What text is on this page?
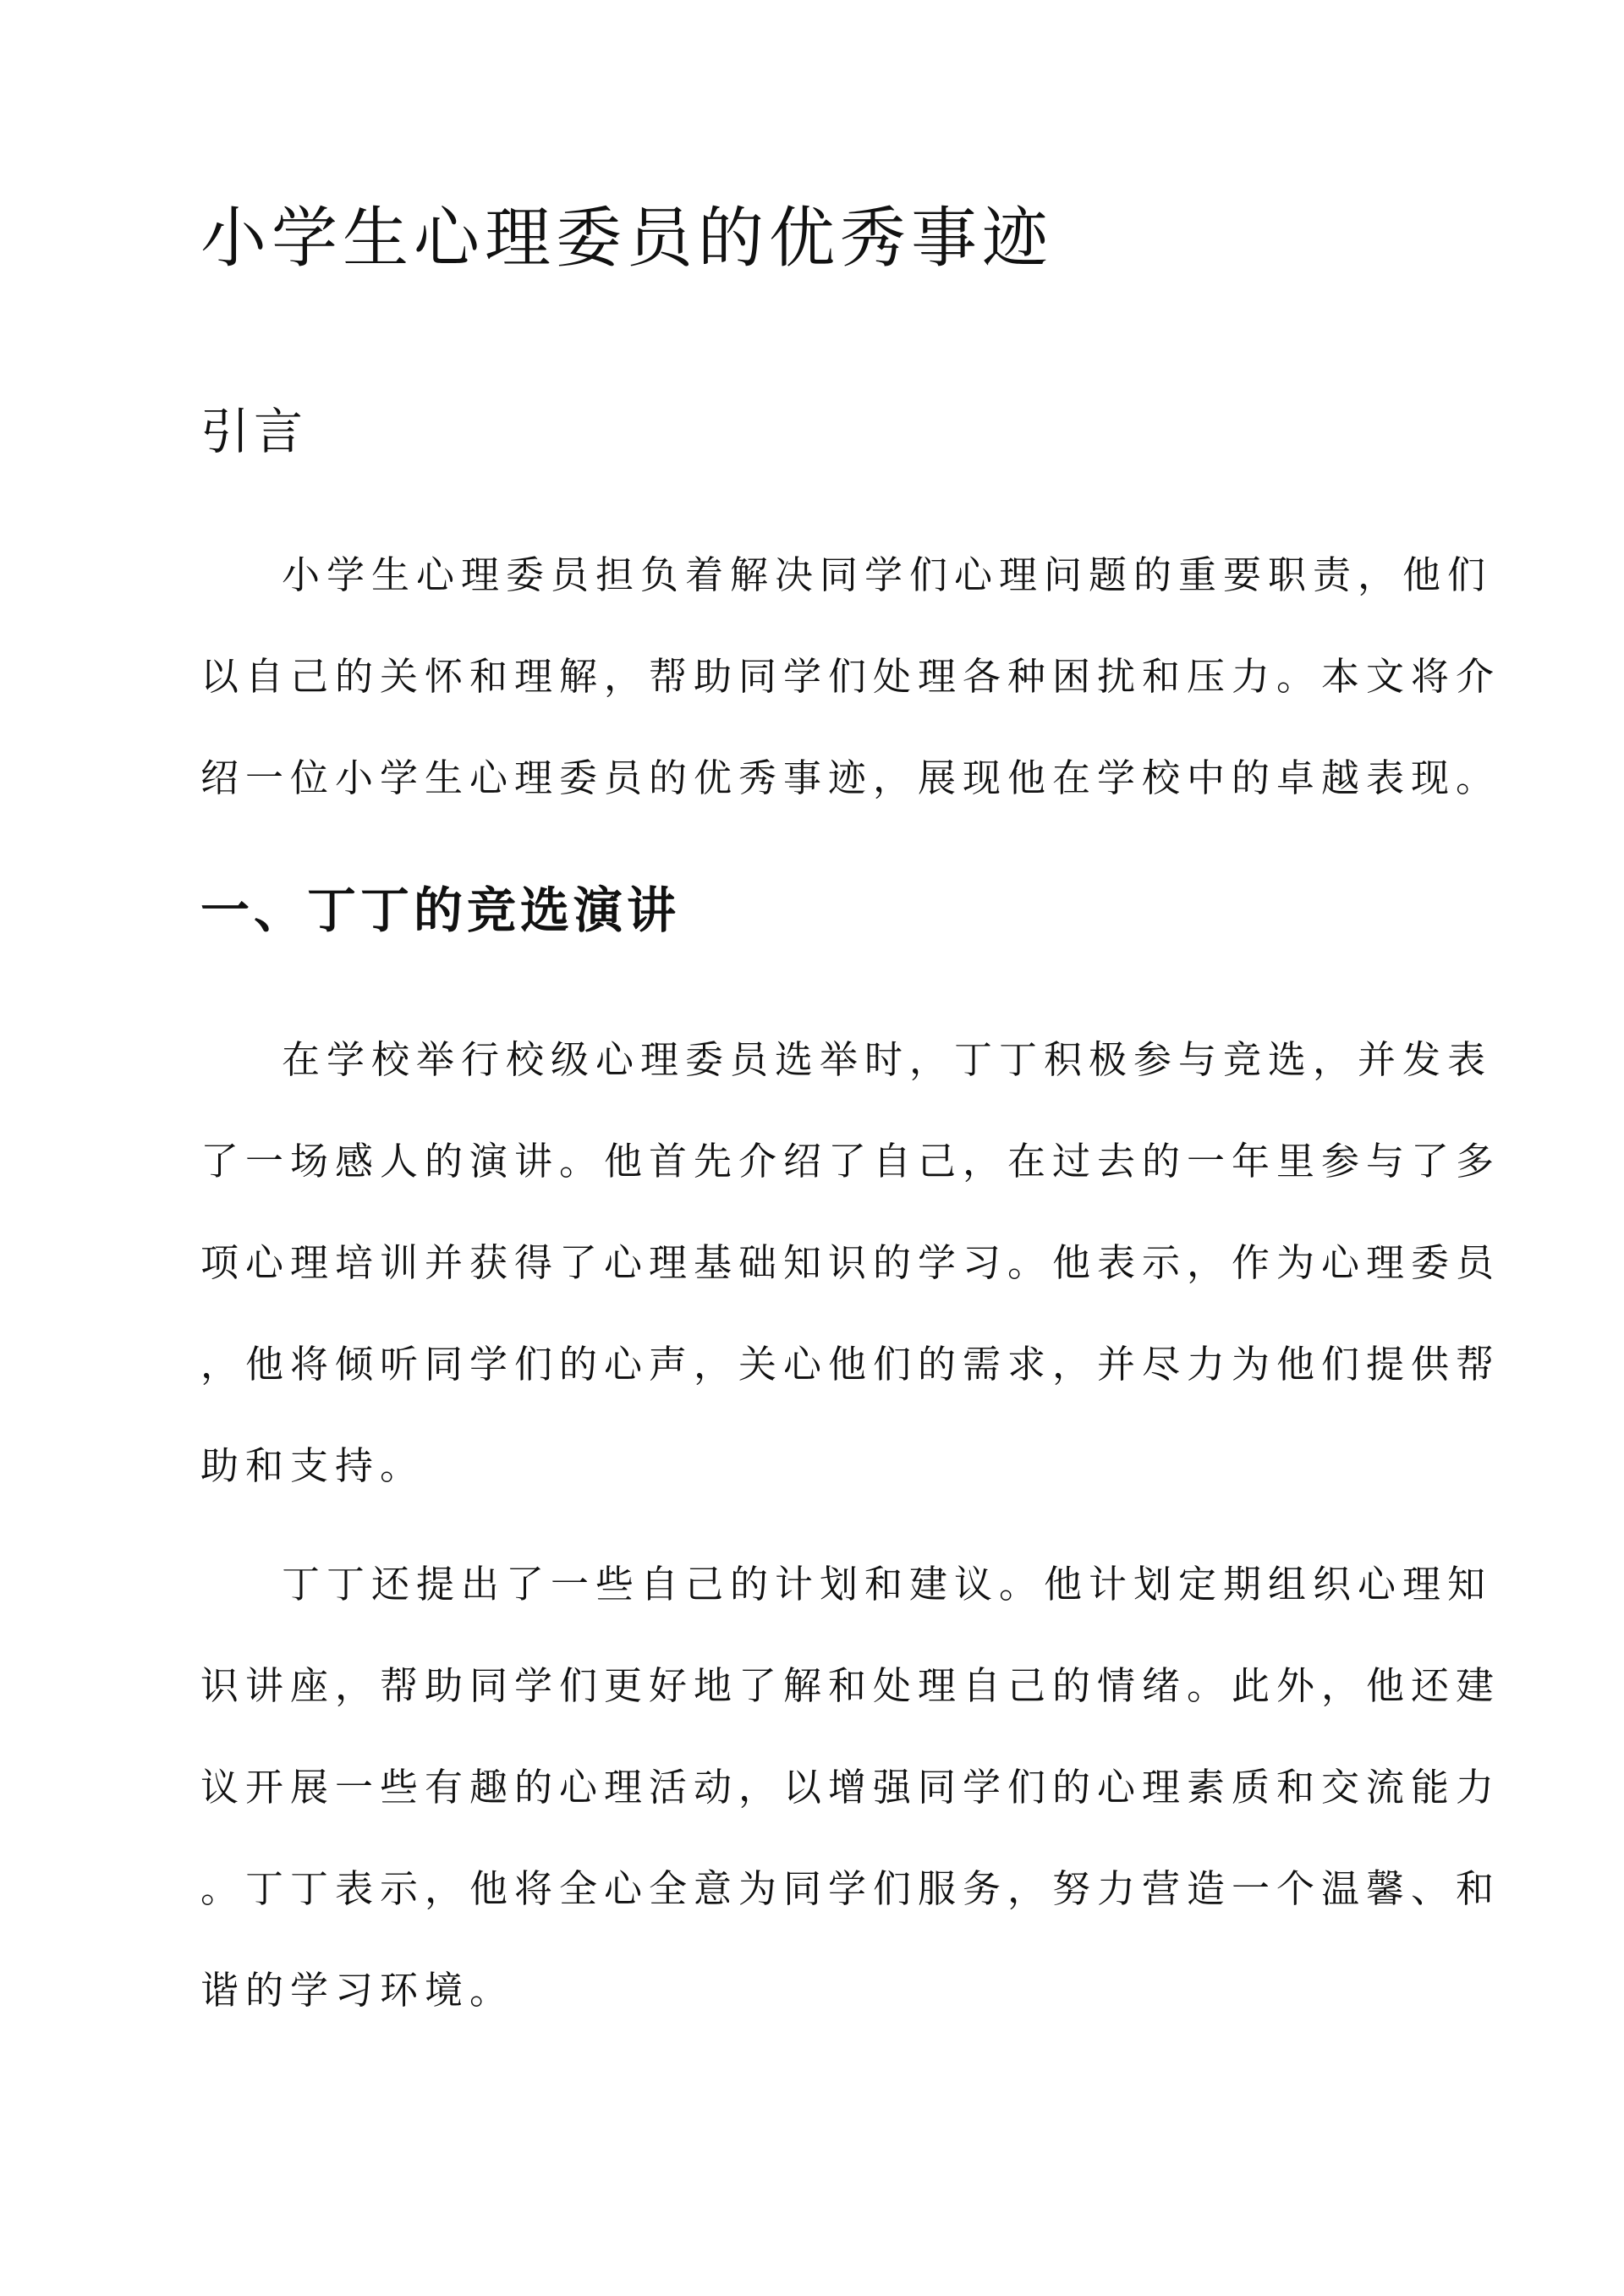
小学生心理委员的优秀事迹
引言

小学生心理委员担负着解决同学们心理问题的重要职责，他们
以自己的关怀和理解，帮助同学们处理各种困扰和压力。本文将介
绍一位小学生心理委员的优秀事迹，展现他在学校中的卓越表现。

一、丁丁的竞选演讲

在学校举行校级心理委员选举时，丁丁积极参与竞选，并发表
了一场感人的演讲。他首先介绍了自己，在过去的一年里参与了多
项心理培训并获得了心理基础知识的学习。他表示，作为心理委员
，他将倾听同学们的心声，关心他们的需求，并尽力为他们提供帮
助和支持。

丁丁还提出了一些自己的计划和建议。他计划定期组织心理知
识讲座，帮助同学们更好地了解和处理自己的情绪。此外，他还建
议开展一些有趣的心理活动，以增强同学们的心理素质和交流能力
。丁丁表示，他将全心全意为同学们服务，努力营造一个温馨、和
谐的学习环境。
